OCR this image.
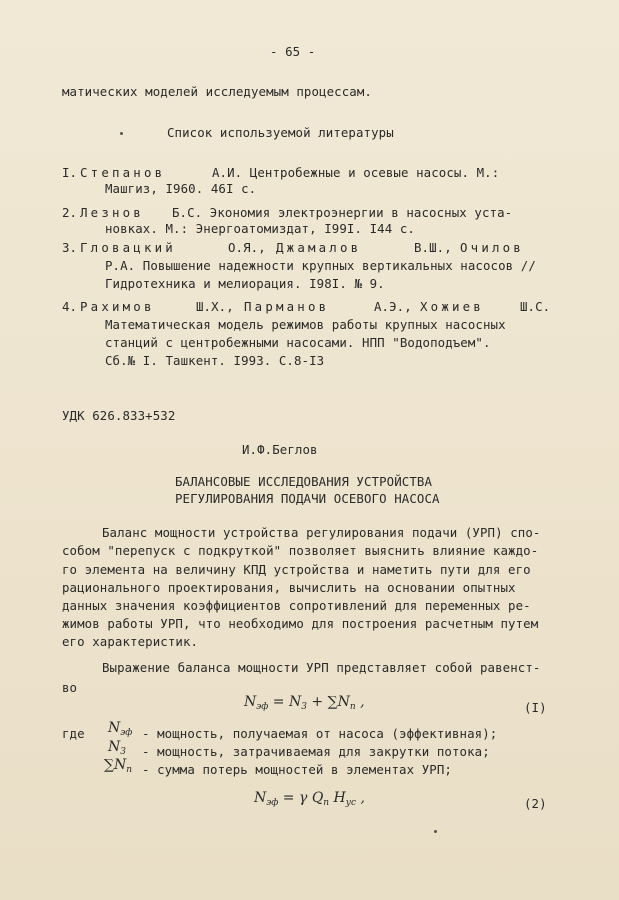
- 65 -
матических моделей исследуемым процессам.
Список используемой литературы
I. Степанов	А.И. Центробежные и осевые насосы. М.:
Машгиз, I960. 46I с.
2. Лезнов Б.С. Экономия электроэнергии в насосных уста-
новках. М.: Энергоатомиздат, I99I. I44 с.
3. Гловацкий	О.Я., Джамалов	В.Ш., Очилов
Р.А. Повышение надежности крупных вертикальных насосов //
Гидротехника и мелиорация. I98I. № 9.
4. Рахимов	Ш.Х., Парманов	А.Э., Хожиев	Ш.С.
Математическая модель режимов работы крупных насосных
станций с центробежными насосами. НПП "Водоподъем".
Сб.№ I. Ташкент. I993. С.8-I3
УДК 626.833+532
И.Ф.Беглов
БАЛАНСОВЫЕ ИССЛЕДОВАНИЯ УСТРОЙСТВА
РЕГУЛИРОВАНИЯ ПОДАЧИ ОСЕВОГО НАСОСА
Баланс мощности устройства регулирования подачи (УРП) спо-
собом "перепуск с подкруткой" позволяет выяснить влияние каждо-
го элемента на величину КПД устройства и наметить пути для его
рационального проектирования, вычислить на основании опытных
данных значения коэффициентов сопротивлений для переменных ре-
жимов работы УРП, что необходимо для построения расчетным путем
его характеристик.
Выражение баланса мощности УРП представляет собой равенст-
во
$N_{эф} = N_3 + \sum N_п$ ,	(I)
где $N_{эф}$ - мощность, получаемая от насоса (эффективная);
$N_3$ - мощность, затрачиваемая для закрутки потока;
$\sum N_п$ - сумма потерь мощностей в элементах УРП;
$N_{эф} = \gamma$ $Q_п$ $H_{ус}$ ,	(2)
